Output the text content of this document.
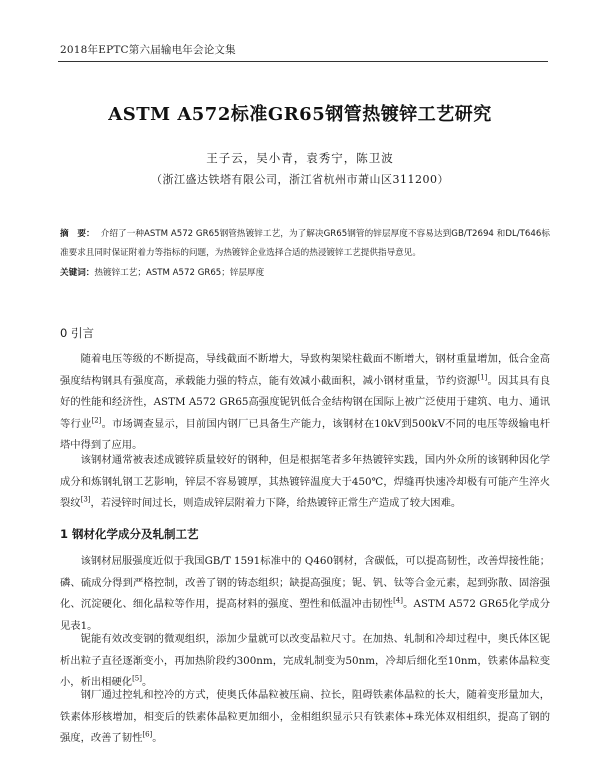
2018年EPTC第六届输电年会论文集
ASTM A572标准GR65钢管热镀锌工艺研究
王子云，吴小青，袁秀宁，陈卫波
（浙江盛达铁塔有限公司，浙江省杭州市萧山区311200）
摘　要： 介绍了一种ASTM A572 GR65钢管热镀锌工艺，为了解决GR65钢管的锌层厚度不容易达到GB/T2694 和DL/T646标准要求且同时保证附着力等指标的问题，为热镀锌企业选择合适的热浸镀锌工艺提供指导意见。
关键词：热镀锌工艺；ASTM A572 GR65；锌层厚度
0 引言
随着电压等级的不断提高，导线截面不断增大，导致构架梁柱截面不断增大，钢材重量增加，低合金高强度结构钢具有强度高，承载能力强的特点，能有效减小截面积，减小钢材重量，节约资源[1]。因其具有良好的性能和经济性，ASTM A572 GR65高强度铌钒低合金结构钢在国际上被广泛使用于建筑、电力、通讯等行业[2]。市场调查显示，目前国内钢厂已具备生产能力，该钢材在10kV到500kV不同的电压等级输电杆塔中得到了应用。
该钢材通常被表述成镀锌质量较好的钢种，但是根据笔者多年热镀锌实践，国内外众所的该钢种因化学成分和炼钢轧钢工艺影响，锌层不容易镀厚，其热镀锌温度大于450℃，焊缝再快速冷却极有可能产生淬火裂纹[3]，若浸锌时间过长，则造成锌层附着力下降，给热镀锌正常生产造成了较大困难。
1 钢材化学成分及轧制工艺
该钢材屈服强度近似于我国GB/T 1591标准中的 Q460钢材，含碳低，可以提高韧性，改善焊接性能；磷、硫成分得到严格控制，改善了钢的铸态组织；缺提高强度；铌、钒、钛等合金元素，起到弥散、固溶强化、沉淀硬化、细化晶粒等作用，提高材料的强度、塑性和低温冲击韧性[4]。ASTM A572 GR65化学成分见表1。
铌能有效改变钢的微观组织，添加少量就可以改变晶粒尺寸。在加热、轧制和冷却过程中，奥氏体区铌析出粒子直径逐渐变小，再加热阶段约300nm，完成轧制变为50nm，冷却后细化至10nm，铁素体晶粒变小，析出相硬化[5]。
钢厂通过控轧和控冷的方式，使奥氏体晶粒被压扁、拉长，阻碍铁素体晶粒的长大，随着变形量加大，铁素体形核增加，相变后的铁素体晶粒更加细小，金相组织显示只有铁素体+珠光体双相组织，提高了钢的强度，改善了韧性[6]。
